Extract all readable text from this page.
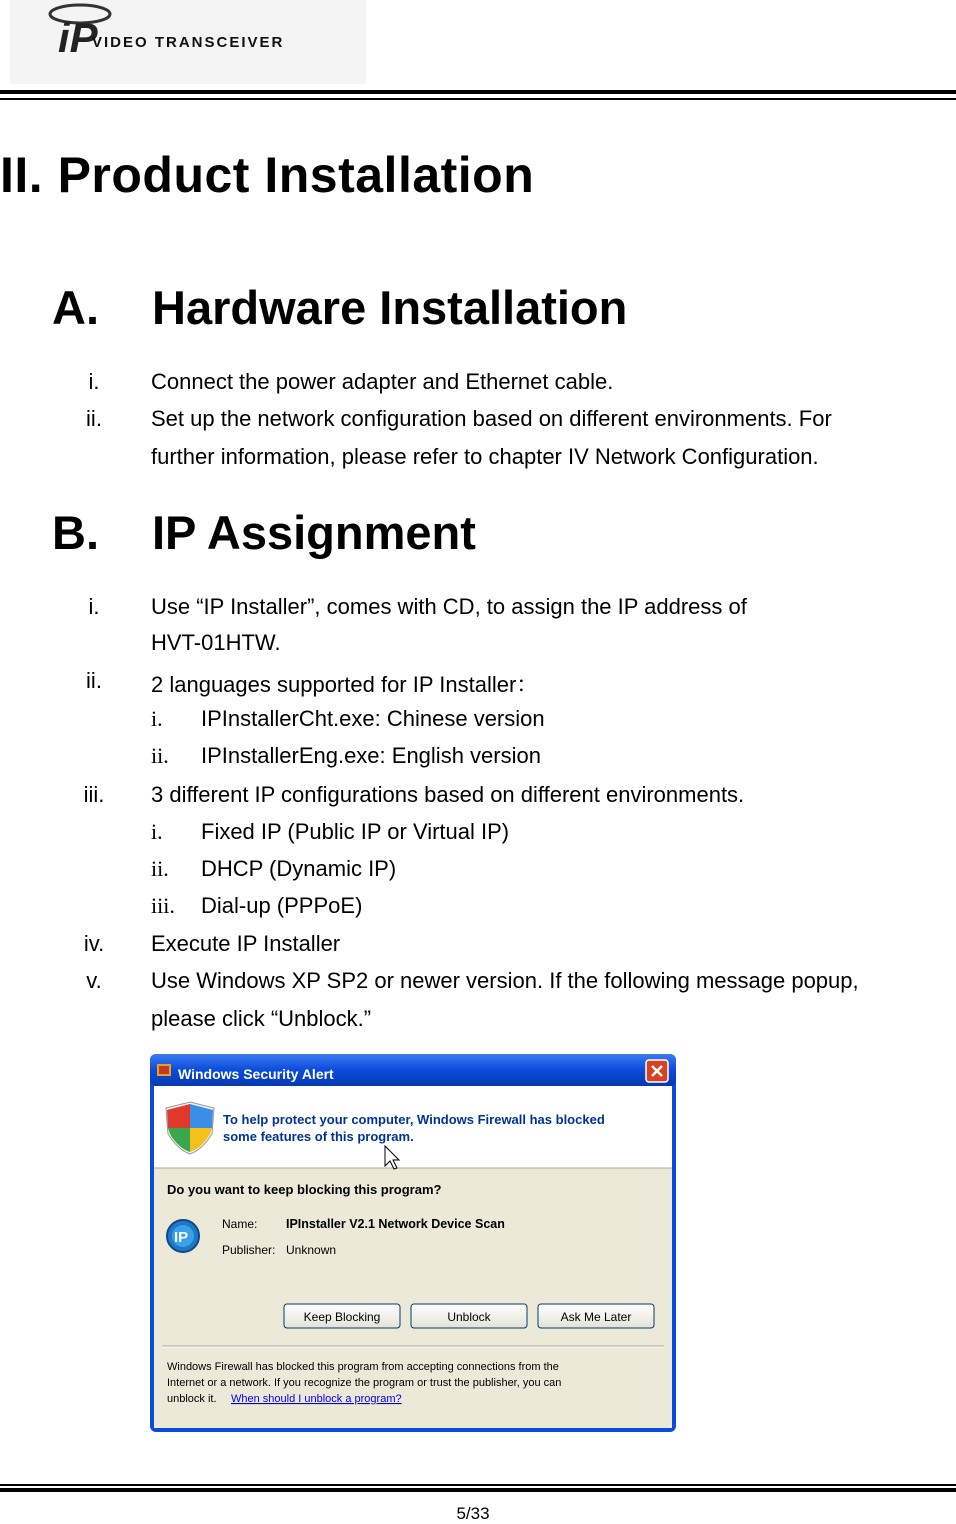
iP
VIDEO TRANSCEIVER
II. Product Installation
A. Hardware Installation
i.	Connect the power adapter and Ethernet cable.
ii.	Set up the network configuration based on different environments. For
further information, please refer to chapter IV Network Configuration.
B. IP Assignment
i.	Use “IP Installer”, comes with CD, to assign the IP address of
HVT-01HTW.
ii.	2 languages supported for IP Installer：
i. IPInstallerCht.exe: Chinese version
ii. IPInstallerEng.exe: English version
iii.	3 different IP configurations based on different environments.
i. Fixed IP (Public IP or Virtual IP)
ii. DHCP (Dynamic IP)
iii. Dial-up (PPPoE)
iv.	Execute IP Installer
v.	Use Windows XP SP2 or newer version. If the following message popup,
please click “Unblock.”
Windows Security Alert
To help protect your computer, Windows Firewall has blocked
some features of this program.
Do you want to keep blocking this program?
IP
Name: IPInstaller V2.1 Network Device Scan
Publisher: Unknown
Keep Blocking	Unblock	Ask Me Later
Windows Firewall has blocked this program from accepting connections from the
Internet or a network. If you recognize the program or trust the publisher, you can
unblock it. When should I unblock a program?
5/33
